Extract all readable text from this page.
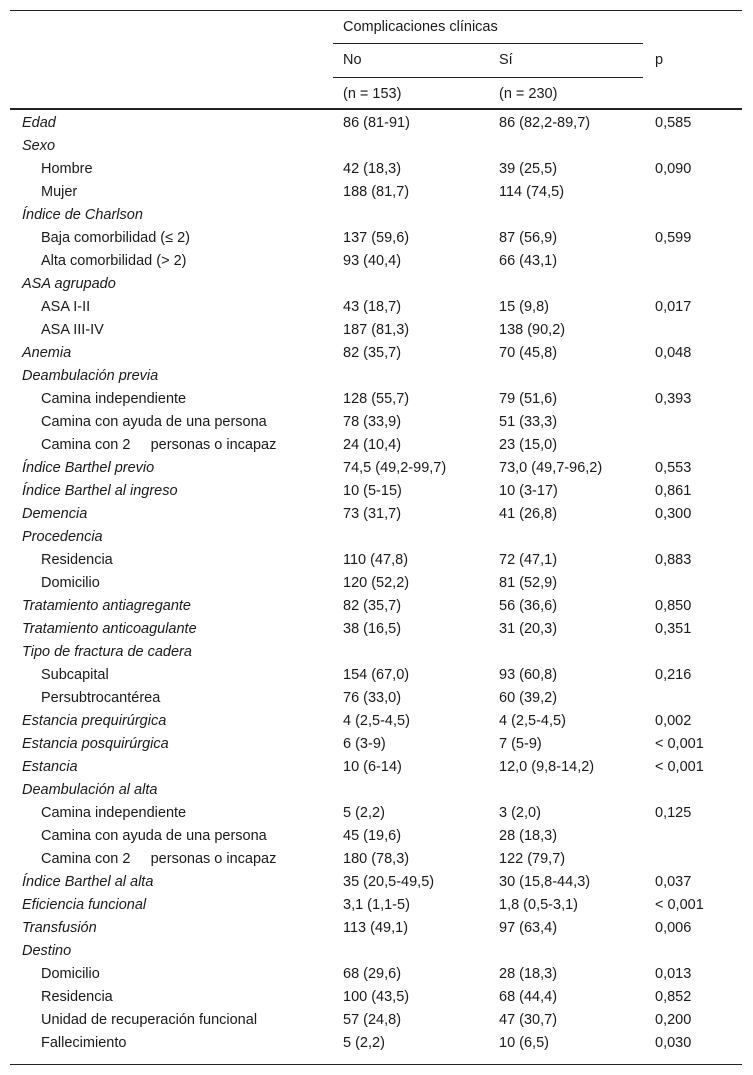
Complicaciones clínicas
No	Sí	p
(n = 153)	(n = 230)
Edad	86 (81-91)	86 (82,2-89,7)	0,585
Sexo
Hombre	42 (18,3)	39 (25,5)	0,090
Mujer	188 (81,7)	114 (74,5)
Índice de Charlson
Baja comorbilidad (≤ 2)	137 (59,6)	87 (56,9)	0,599
Alta comorbilidad (> 2)	93 (40,4)	66 (43,1)
ASA agrupado
ASA I-II	43 (18,7)	15 (9,8)	0,017
ASA III-IV	187 (81,3)	138 (90,2)
Anemia	82 (35,7)	70 (45,8)	0,048
Deambulación previa
Camina independiente	128 (55,7)	79 (51,6)	0,393
Camina con ayuda de una persona	78 (33,9)	51 (33,3)
Camina con 2     personas o incapaz	24 (10,4)	23 (15,0)
Índice Barthel previo	74,5 (49,2-99,7)	73,0 (49,7-96,2)	0,553
Índice Barthel al ingreso	10 (5-15)	10 (3-17)	0,861
Demencia	73 (31,7)	41 (26,8)	0,300
Procedencia
Residencia	110 (47,8)	72 (47,1)	0,883
Domicilio	120 (52,2)	81 (52,9)
Tratamiento antiagregante	82 (35,7)	56 (36,6)	0,850
Tratamiento anticoagulante	38 (16,5)	31 (20,3)	0,351
Tipo de fractura de cadera
Subcapital	154 (67,0)	93 (60,8)	0,216
Persubtrocantérea	76 (33,0)	60 (39,2)
Estancia prequirúrgica	4 (2,5-4,5)	4 (2,5-4,5)	0,002
Estancia posquirúrgica	6 (3-9)	7 (5-9)	< 0,001
Estancia	10 (6-14)	12,0 (9,8-14,2)	< 0,001
Deambulación al alta
Camina independiente	5 (2,2)	3 (2,0)	0,125
Camina con ayuda de una persona	45 (19,6)	28 (18,3)
Camina con 2     personas o incapaz	180 (78,3)	122 (79,7)
Índice Barthel al alta	35 (20,5-49,5)	30 (15,8-44,3)	0,037
Eficiencia funcional	3,1 (1,1-5)	1,8 (0,5-3,1)	< 0,001
Transfusión	113 (49,1)	97 (63,4)	0,006
Destino
Domicilio	68 (29,6)	28 (18,3)	0,013
Residencia	100 (43,5)	68 (44,4)	0,852
Unidad de recuperación funcional	57 (24,8)	47 (30,7)	0,200
Fallecimiento	5 (2,2)	10 (6,5)	0,030
